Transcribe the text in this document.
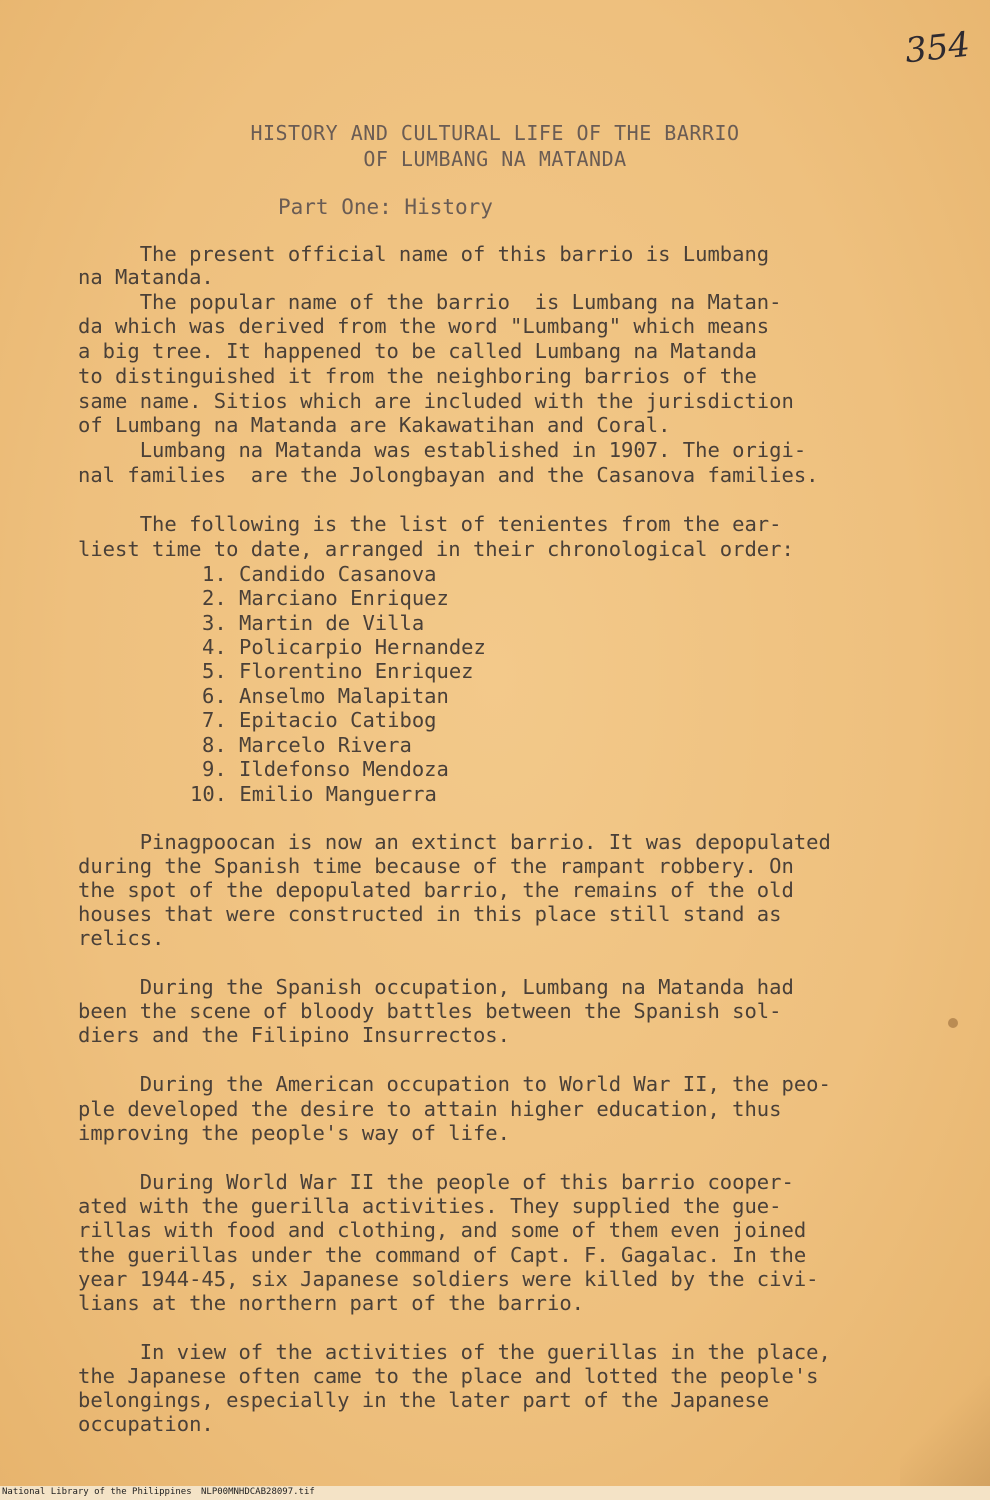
354
HISTORY AND CULTURAL LIFE OF THE BARRIO
OF LUMBANG NA MATANDA
Part One: History
The present official name of this barrio is Lumbang
na Matanda.
The popular name of the barrio  is Lumbang na Matan-
da which was derived from the word "Lumbang" which means
a big tree. It happened to be called Lumbang na Matanda
to distinguished it from the neighboring barrios of the
same name. Sitios which are included with the jurisdiction
of Lumbang na Matanda are Kakawatihan and Coral.
Lumbang na Matanda was established in 1907. The origi-
nal families  are the Jolongbayan and the Casanova families.
The following is the list of tenientes from the ear-
liest time to date, arranged in their chronological order:
1. Candido Casanova
2. Marciano Enriquez
3. Martin de Villa
4. Policarpio Hernandez
5. Florentino Enriquez
6. Anselmo Malapitan
7. Epitacio Catibog
8. Marcelo Rivera
9. Ildefonso Mendoza
10. Emilio Manguerra
Pinagpoocan is now an extinct barrio. It was depopulated
during the Spanish time because of the rampant robbery. On
the spot of the depopulated barrio, the remains of the old
houses that were constructed in this place still stand as
relics.
During the Spanish occupation, Lumbang na Matanda had
been the scene of bloody battles between the Spanish sol-
diers and the Filipino Insurrectos.
During the American occupation to World War II, the peo-
ple developed the desire to attain higher education, thus
improving the people's way of life.
During World War II the people of this barrio cooper-
ated with the guerilla activities. They supplied the gue-
rillas with food and clothing, and some of them even joined
the guerillas under the command of Capt. F. Gagalac. In the
year 1944-45, six Japanese soldiers were killed by the civi-
lians at the northern part of the barrio.
In view of the activities of the guerillas in the place,
the Japanese often came to the place and lotted the people's
belongings, especially in the later part of the Japanese
occupation.
National Library of the Philippines NLP00MNHDCAB28097.tif
